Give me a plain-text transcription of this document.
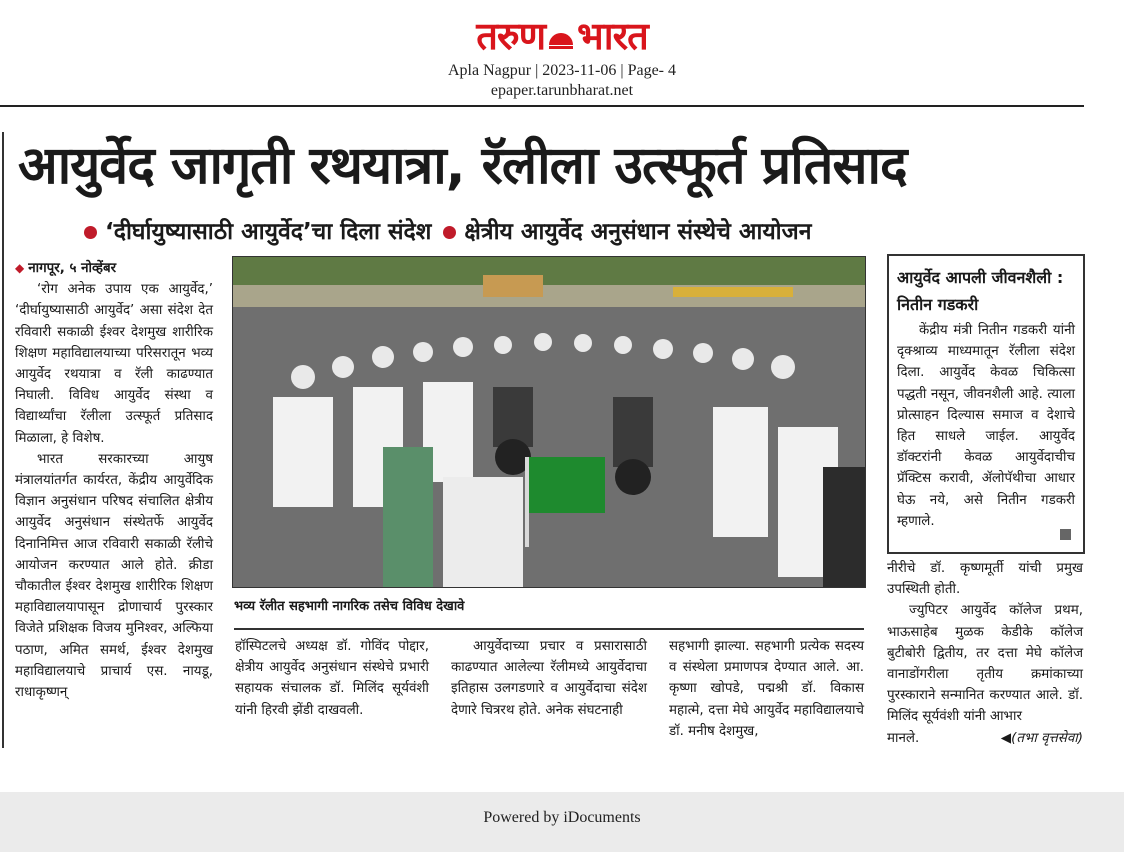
तरुण भारत
Apla Nagpur | 2023-11-06 | Page- 4
epaper.tarunbharat.net
आयुर्वेद जागृती रथयात्रा, रॅलीला उत्स्फूर्त प्रतिसाद
‘दीर्घायुष्यासाठी आयुर्वेद’चा दिला संदेश क्षेत्रीय आयुर्वेद अनुसंधान संस्थेचे आयोजन

◆ नागपूर, ५ नोव्हेंबर

‘रोग अनेक उपाय एक आयुर्वेद,’ ‘दीर्घायुष्यासाठी आयुर्वेद’ असा संदेश देत रविवारी सकाळी ईश्वर देशमुख शारीरिक शिक्षण महाविद्यालयाच्या परिसरातून भव्य आयुर्वेद रथयात्रा व रॅली काढण्यात निघाली. विविध आयुर्वेद संस्था व विद्यार्थ्यांचा रॅलीला उत्स्फूर्त प्रतिसाद मिळाला, हे विशेष.

भारत सरकारच्या आयुष मंत्रालयांतर्गत कार्यरत, केंद्रीय आयुर्वेदिक विज्ञान अनुसंधान परिषद संचालित क्षेत्रीय आयुर्वेद अनुसंधान संस्थेतर्फे आयुर्वेद दिनानिमित्त आज रविवारी सकाळी रॅलीचे आयोजन करण्यात आले होते. क्रीडा चौकातील ईश्वर देशमुख शारीरिक शिक्षण महाविद्यालयापासून द्रोणाचार्य पुरस्कार विजेते प्रशिक्षक विजय मुनिश्वर, अल्फिया पठाण, अमित समर्थ, ईश्वर देशमुख महाविद्यालयाचे प्राचार्य एस. नायडू, राधाकृष्णन्

भव्य रॅलीत सहभागी नागरिक तसेच विविध देखावे

हॉस्पिटलचे अध्यक्ष डॉ. गोविंद पोद्दार, क्षेत्रीय आयुर्वेद अनुसंधान संस्थेचे प्रभारी सहायक संचालक डॉ. मिलिंद सूर्यवंशी यांनी हिरवी झेंडी दाखवली.

आयुर्वेदाच्या प्रचार व प्रसारासाठी काढण्यात आलेल्या रॅलीमध्ये आयुर्वेदाचा इतिहास उलगडणारे व आयुर्वेदाचा संदेश देणारे चित्ररथ होते. अनेक संघटनाही

सहभागी झाल्या. सहभागी प्रत्येक सदस्य व संस्थेला प्रमाणपत्र देण्यात आले. आ. कृष्णा खोपडे, पद्मश्री डॉ. विकास महात्मे, दत्ता मेघे आयुर्वेद महाविद्यालयाचे डॉ. मनीष देशमुख,

आयुर्वेद आपली जीवनशैली : नितीन गडकरी

केंद्रीय मंत्री नितीन गडकरी यांनी दृक्श्राव्य माध्यमातून रॅलीला संदेश दिला. आयुर्वेद केवळ चिकित्सा पद्धती नसून, जीवनशैली आहे. त्याला प्रोत्साहन दिल्यास समाज व देशाचे हित साधले जाईल. आयुर्वेद डॉक्टरांनी केवळ आयुर्वेदाचीच प्रॅक्टिस करावी, ॲलोपॅथीचा आधार घेऊ नये, असे नितीन गडकरी म्हणाले.

नीरीचे डॉ. कृष्णमूर्ती यांची प्रमुख उपस्थिती होती.

ज्युपिटर आयुर्वेद कॉलेज प्रथम, भाऊसाहेब मुळक केडीके कॉलेज बुटीबोरी द्वितीय, तर दत्ता मेघे कॉलेज वानाडोंगरीला तृतीय क्रमांकाच्या पुरस्काराने सन्मानित करण्यात आले. डॉ. मिलिंद सूर्यवंशी यांनी आभार

मानले.	◀(तभा वृत्तसेवा)
Powered by iDocuments
